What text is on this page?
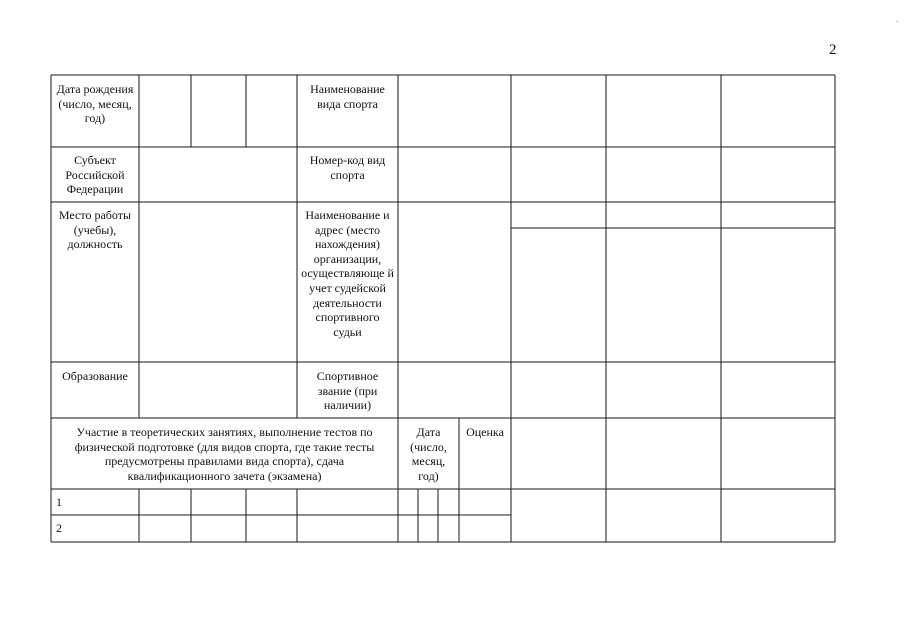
2
-
Дата рождения (число, месяц, год)
Наименование вида спорта
Субъект Российской Федерации
Номер-код вид спорта
Место работы (учебы), должность
Наименование и адрес (место нахождения) организации, осуществляюще й учет судейской деятельности спортивного судьи
Образование	Спортивное звание (при наличии)
Участие в теоретических занятиях, выполнение тестов по физической подготовке (для видов спорта, где такие тесты предусмотрены правилами вида спорта), сдача квалификационного зачета (экзамена)
Дата (число, месяц, год)
Оценка
1
2
